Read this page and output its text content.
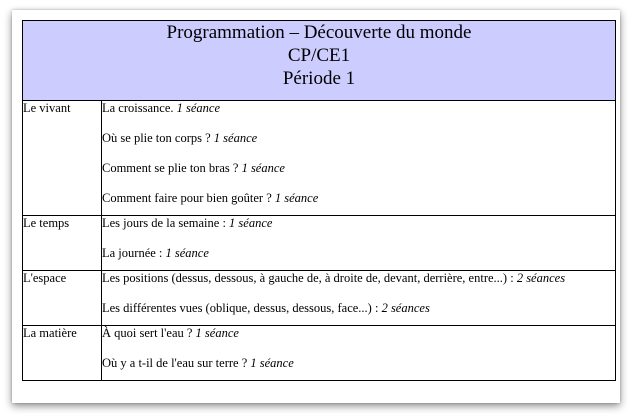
Programmation – Découverte du monde
CP/CE1
Période 1	

Le vivant	La croissance. 1 séance
Où se plie ton corps ? 1 séance
Comment se plie ton bras ? 1 séance
Comment faire pour bien goûter ? 1 séance

Le temps	Les jours de la semaine : 1 séance
La journée : 1 séance

L'espace	Les positions (dessus, dessous, à gauche de, à droite de, devant, derrière, entre...) : 2 séances
Les différentes vues (oblique, dessus, dessous, face...) : 2 séances

La matière	À quoi sert l'eau ? 1 séance
Où y a t-il de l'eau sur terre ? 1 séance
